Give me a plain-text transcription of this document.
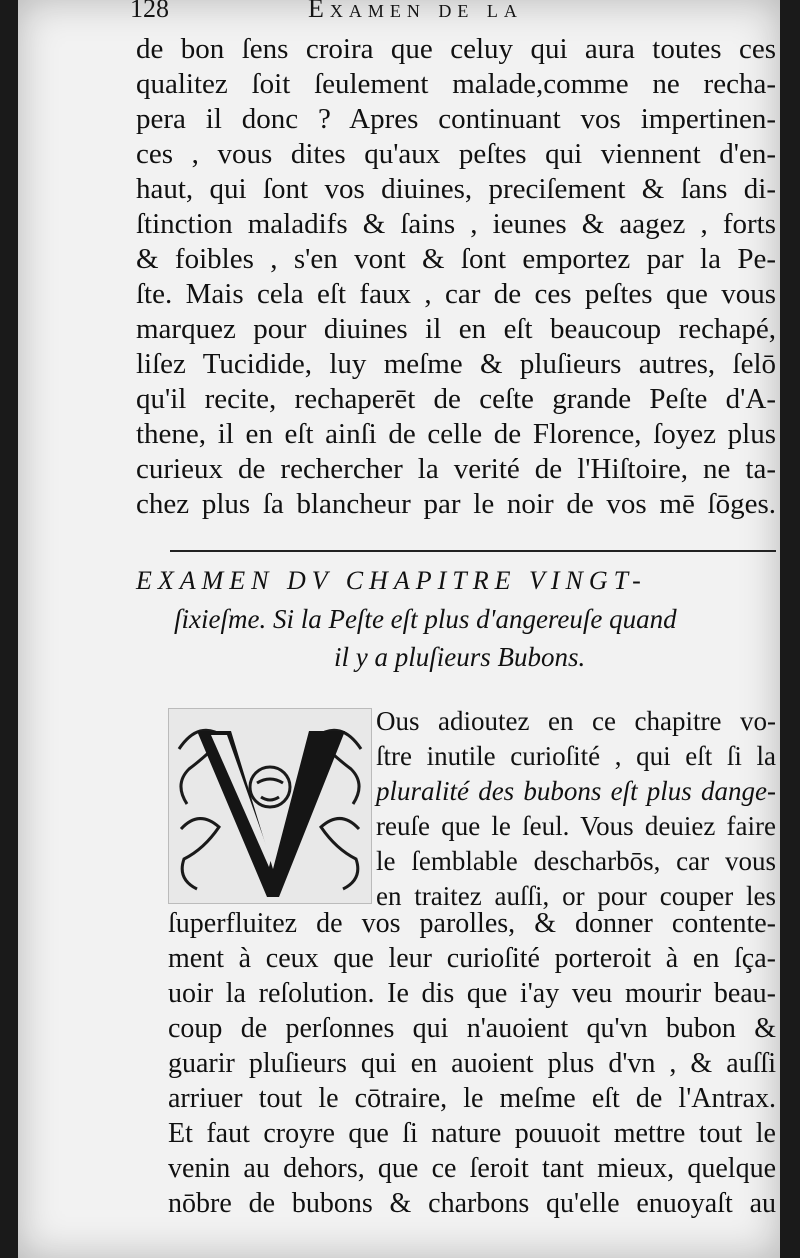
128	Examen de la
de bon ſens croira que celuy qui aura toutes ces
qualitez ſoit ſeulement malade,comme ne recha-
pera il donc ? Apres continuant vos impertinen-
ces , vous dites qu'aux peſtes qui viennent d'en-
haut, qui ſont vos diuines, preciſement & ſans di-
ſtinction maladifs & ſains , ieunes & aagez , forts
& foibles , s'en vont & ſont emportez par la Pe-
ſte. Mais cela eſt faux , car de ces peſtes que vous
marquez pour diuines il en eſt beaucoup rechapé,
liſez Tucidide, luy meſme & pluſieurs autres, ſelō
qu'il recite, rechaperēt de ceſte grande Peſte d'A-
thene, il en eſt ainſi de celle de Florence, ſoyez plus
curieux de rechercher la verité de l'Hiſtoire, ne ta-
chez plus ſa blancheur par le noir de vos mē ſōges.
EXAMEN DV CHAPITRE VINGT-
ſixieſme. Si la Peſte eſt plus d'angereuſe quand
il y a pluſieurs Bubons.
Ous adioutez en ce chapitre vo-
ſtre inutile curioſité , qui eſt ſi la
pluralité des bubons eſt plus dange-
reuſe que le ſeul. Vous deuiez faire
le ſemblable descharbōs, car vous
en traitez auſſi, or pour couper les
ſuperfluitez de vos parolles, & donner contente-
ment à ceux que leur curioſité porteroit à en ſça-
uoir la reſolution. Ie dis que i'ay veu mourir beau-
coup de perſonnes qui n'auoient qu'vn bubon &
guarir pluſieurs qui en auoient plus d'vn , & auſſi
arriuer tout le cōtraire, le meſme eſt de l'Antrax.
Et faut croyre que ſi nature pouuoit mettre tout le
venin au dehors, que ce ſeroit tant mieux, quelque
nōbre de bubons & charbons qu'elle enuoyaſt au
